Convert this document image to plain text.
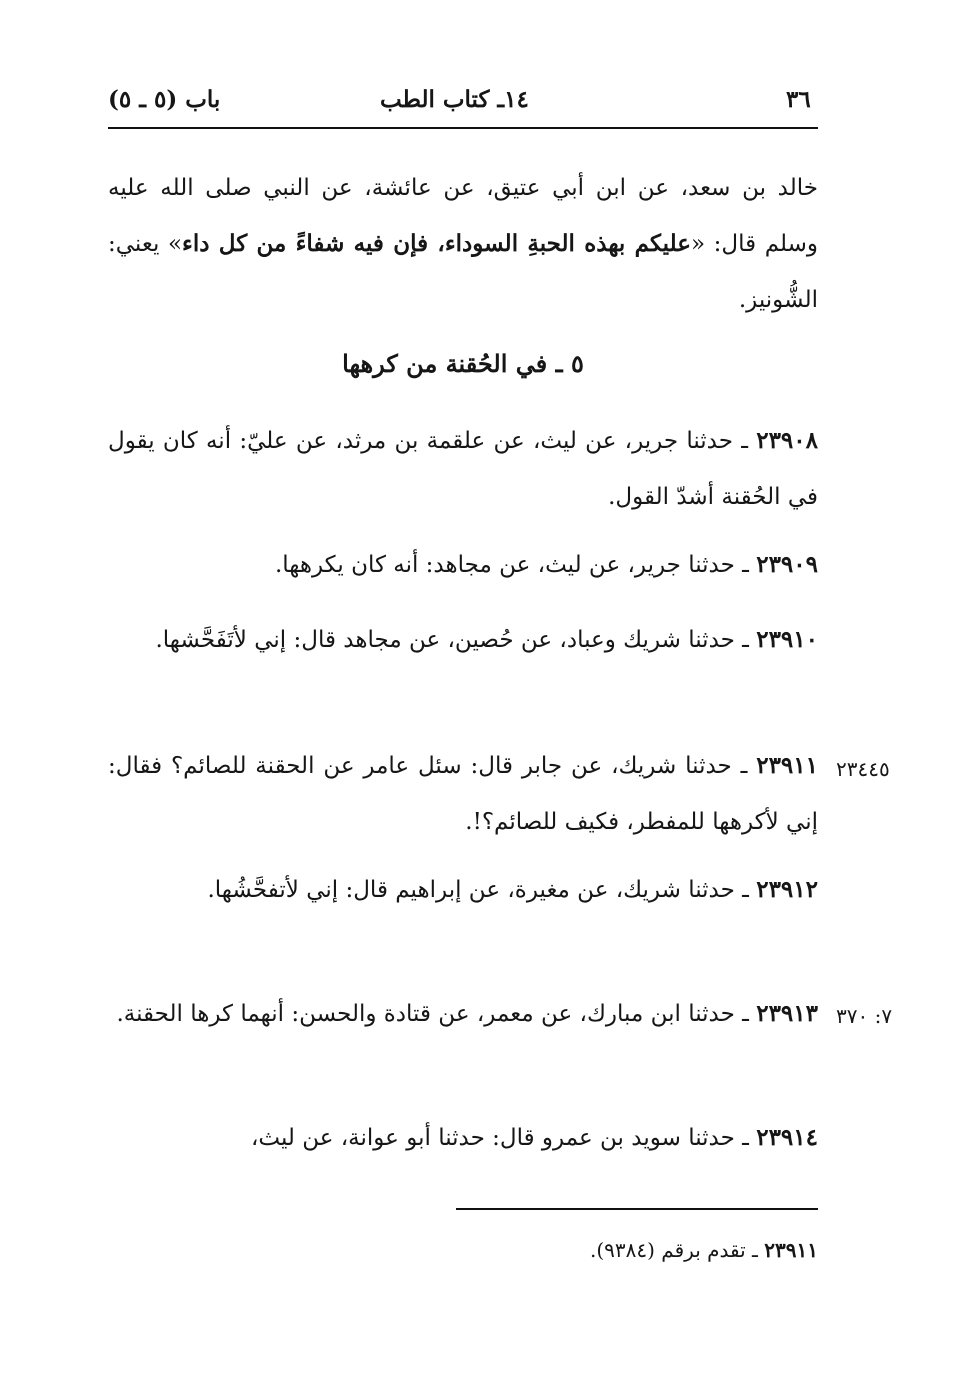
٣٦
١٤ـ كتاب الطب
باب (٥ ـ ٥)
خالد بن سعد، عن ابن أبي عتيق، عن عائشة، عن النبي صلى الله عليه وسلم قال: «عليكم بهذه الحبةِ السوداء، فإن فيه شفاءً من كل داء» يعني: الشُّونيز.
٥ ـ في الحُقنة من كرهها
٢٣٩٠٨ ـ حدثنا جرير، عن ليث، عن علقمة بن مرثد، عن عليّ: أنه كان يقول في الحُقنة أشدّ القول.
٢٣٩٠٩ ـ حدثنا جرير، عن ليث، عن مجاهد: أنه كان يكرهها.
٢٣٩١٠ ـ حدثنا شريك وعباد، عن حُصين، عن مجاهد قال: إني لأتَفَحَّشها.
٢٣٩١١ ـ حدثنا شريك، عن جابر قال: سئل عامر عن الحقنة للصائم؟ فقال: إني لأكرهها للمفطر، فكيف للصائم؟!.
٢٣٤٤٥
٢٣٩١٢ ـ حدثنا شريك، عن مغيرة، عن إبراهيم قال: إني لأتفحَّشُها.
٢٣٩١٣ ـ حدثنا ابن مبارك، عن معمر، عن قتادة والحسن: أنهما كرها الحقنة.	٧: ٣٧٠
٢٣٩١٤ ـ حدثنا سويد بن عمرو قال: حدثنا أبو عوانة، عن ليث،
٢٣٩١١ ـ تقدم برقم (٩٣٨٤).
